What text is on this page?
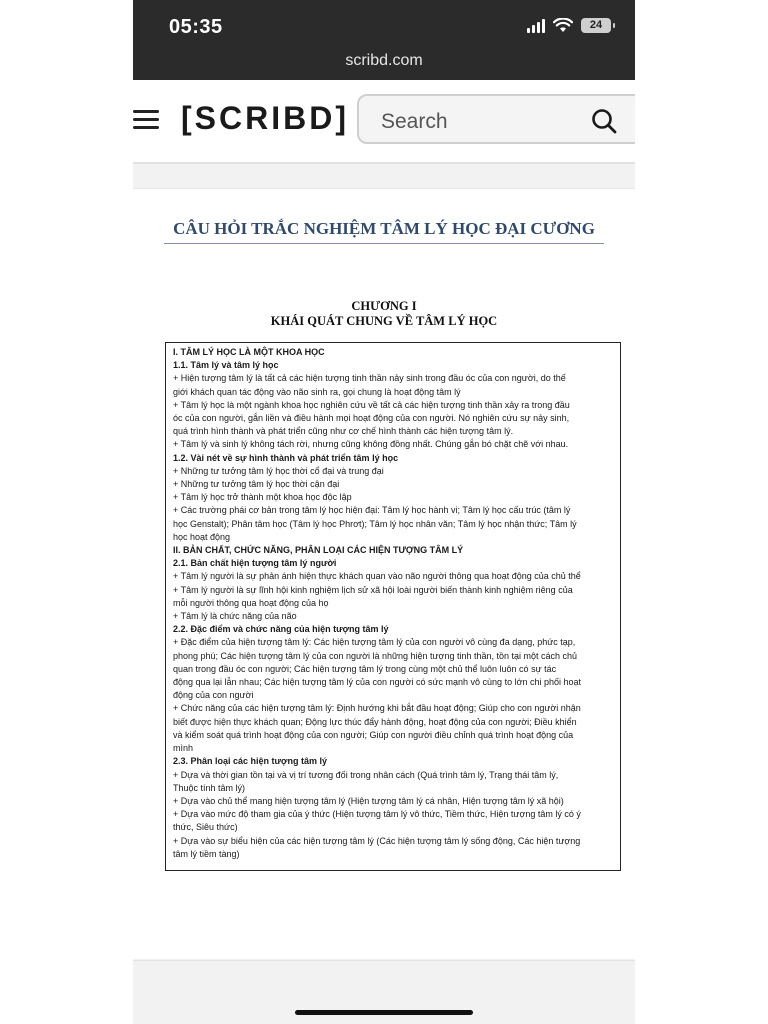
05:35	24
scribd.com
[SCRIBD] Search
CÂU HỎI TRẮC NGHIỆM TÂM LÝ HỌC ĐẠI CƯƠNG
CHƯƠNG I
KHÁI QUÁT CHUNG VỀ TÂM LÝ HỌC
I. TÂM LÝ HỌC LÀ MỘT KHOA HỌC
1.1. Tâm lý và tâm lý học
+ Hiện tượng tâm lý là tất cả các hiện tượng tinh thần nảy sinh trong đầu óc của con người, do thế
giới khách quan tác động vào não sinh ra, gọi chung là hoạt động tâm lý
+ Tâm lý học là một ngành khoa học nghiên cứu về tất cả các hiện tượng tinh thần xảy ra trong đầu
óc của con người, gắn liền và điều hành mọi hoạt động của con người. Nó nghiên cứu sự nảy sinh,
quá trình hình thành và phát triển cũng như cơ chế hình thành các hiện tượng tâm lý.
+ Tâm lý và sinh lý không tách rời, nhưng cũng không đồng nhất. Chúng gắn bó chặt chẽ với nhau.
1.2. Vài nét về sự hình thành và phát triển tâm lý học
+ Những tư tưởng tâm lý học thời cổ đại và trung đại
+ Những tư tưởng tâm lý học thời cận đại
+ Tâm lý học trở thành một khoa học độc lập
+ Các trường phái cơ bản trong tâm lý học hiện đại: Tâm lý học hành vi; Tâm lý học cấu trúc (tâm lý
học Genstalt); Phân tâm học (Tâm lý học Phrơt); Tâm lý học nhân văn; Tâm lý học nhận thức; Tâm lý
học hoạt động
II. BẢN CHẤT, CHỨC NĂNG, PHÂN LOẠI CÁC HIỆN TƯỢNG TÂM LÝ
2.1. Bản chất hiện tượng tâm lý người
+ Tâm lý người là sự phản ánh hiện thực khách quan vào não người thông qua hoạt động của chủ thể
+ Tâm lý người là sự lĩnh hội kinh nghiệm lịch sử xã hội loài người biến thành kinh nghiệm riêng của
mỗi người thông qua hoạt động của họ
+ Tâm lý là chức năng của não
2.2. Đặc điểm và chức năng của hiện tượng tâm lý
+ Đặc điểm của hiện tượng tâm lý: Các hiện tượng tâm lý của con người vô cùng đa dạng, phức tạp,
phong phú; Các hiện tượng tâm lý của con người là những hiện tượng tinh thần, tồn tại một cách chủ
quan trong đầu óc con người; Các hiện tượng tâm lý trong cùng một chủ thể luôn luôn có sự tác
động qua lại lẫn nhau; Các hiện tượng tâm lý của con người có sức mạnh vô cùng to lớn chi phối hoạt
động của con người
+ Chức năng của các hiện tượng tâm lý: Định hướng khi bắt đầu hoạt động; Giúp cho con người nhận
biết được hiện thực khách quan; Động lực thúc đẩy hành động, hoạt động của con người; Điều khiển
và kiểm soát quá trình hoạt động của con người; Giúp con người điều chỉnh quá trình hoạt động của
mình
2.3. Phân loại các hiện tượng tâm lý
+ Dựa và thời gian tồn tại và vị trí tương đối trong nhân cách (Quá trình tâm lý, Trạng thái tâm lý,
Thuộc tính tâm lý)
+ Dựa vào chủ thể mang hiện tượng tâm lý (Hiện tượng tâm lý cá nhân, Hiện tượng tâm lý xã hội)
+ Dựa vào mức độ tham gia của ý thức (Hiện tượng tâm lý vô thức, Tiềm thức, Hiện tượng tâm lý có ý
thức, Siêu thức)
+ Dựa vào sự biểu hiện của các hiện tượng tâm lý (Các hiện tượng tâm lý sống động, Các hiện tượng
tâm lý tiềm tàng)
